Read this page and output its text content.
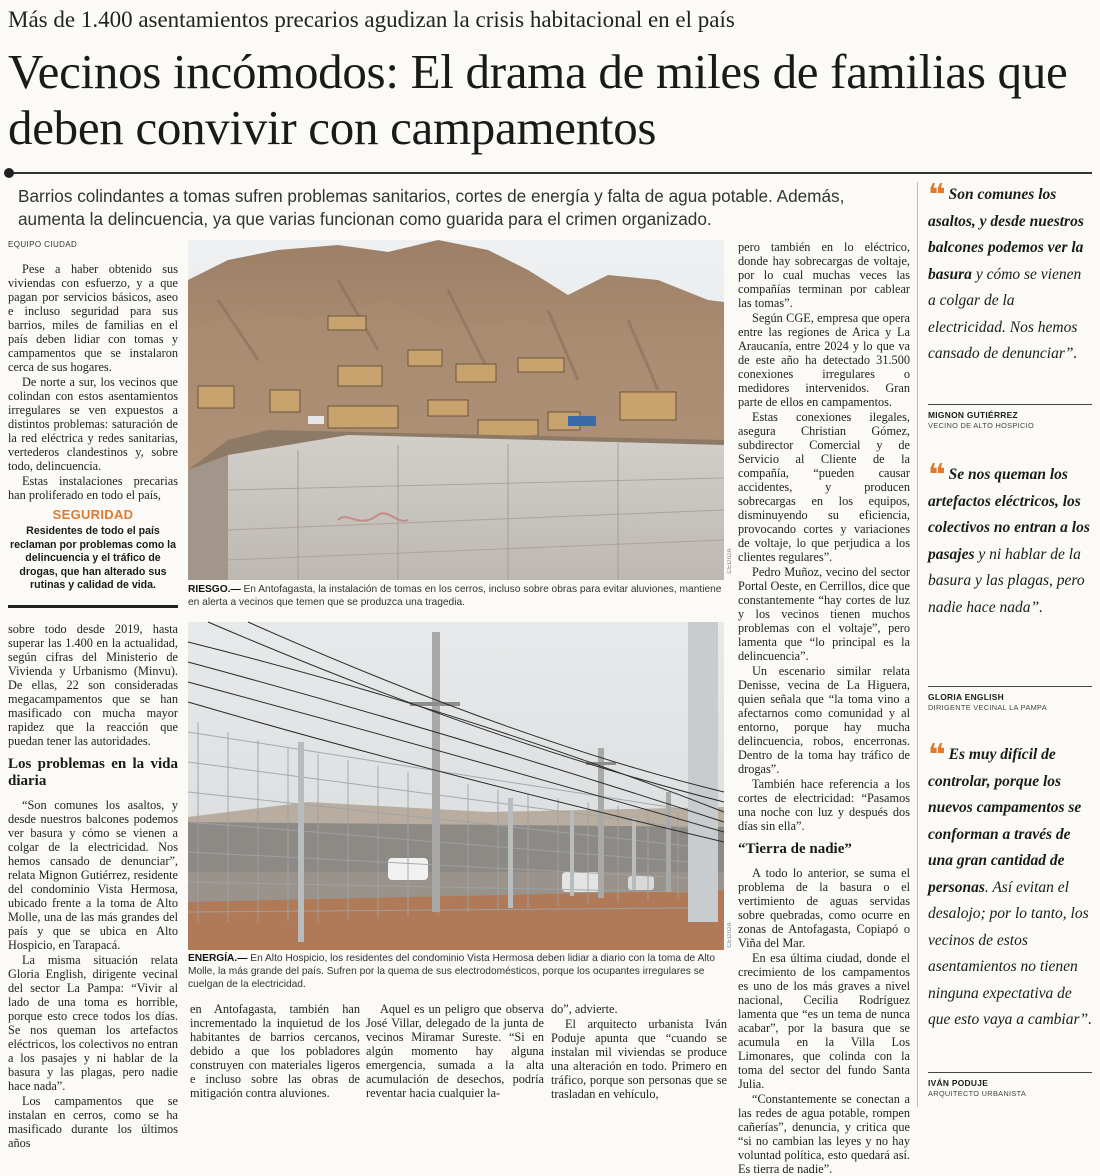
Más de 1.400 asentamientos precarios agudizan la crisis habitacional en el país
Vecinos incómodos: El drama de miles de familias que deben convivir con campamentos
Barrios colindantes a tomas sufren problemas sanitarios, cortes de energía y falta de agua potable. Además, aumenta la delincuencia, ya que varias funcionan como guarida para el crimen organizado.
EQUIPO CIUDAD

Pese a haber obtenido sus viviendas con esfuerzo, y a que pagan por servicios básicos, aseo e incluso seguridad para sus barrios, miles de familias en el país deben lidiar con tomas y campamentos que se instalaron cerca de sus hogares.

De norte a sur, los vecinos que colindan con estos asentamientos irregulares se ven expuestos a distintos problemas: saturación de la red eléctrica y redes sanitarias, vertederos clandestinos y, sobre todo, delincuencia.

Estas instalaciones precarias han proliferado en todo el país,

SEGURIDAD
Residentes de todo el país reclaman por problemas como la delincuencia y el tráfico de drogas, que han alterado sus rutinas y calidad de vida.

sobre todo desde 2019, hasta superar las 1.400 en la actualidad, según cifras del Ministerio de Vivienda y Urbanismo (Minvu). De ellas, 22 son consideradas megacampamentos que se han masificado con mucha mayor rapidez que la reacción que puedan tener las autoridades.

Los problemas en la vida diaria

“Son comunes los asaltos, y desde nuestros balcones podemos ver basura y cómo se vienen a colgar de la electricidad. Nos hemos cansado de denunciar”, relata Mignon Gutiérrez, residente del condominio Vista Hermosa, ubicado frente a la toma de Alto Molle, una de las más grandes del país y que se ubica en Alto Hospicio, en Tarapacá.

La misma situación relata Gloria English, dirigente vecinal del sector La Pampa: “Vivir al lado de una toma es horrible, porque esto crece todos los días. Se nos queman los artefactos eléctricos, los colectivos no entran a los pasajes y ni hablar de la basura y las plagas, pero nadie hace nada”.

Los campamentos que se instalan en cerros, como se ha masificado durante los últimos años

CEDIDA
RIESGO.— En Antofagasta, la instalación de tomas en los cerros, incluso sobre obras para evitar aluviones, mantiene en alerta a vecinos que temen que se produzca una tragedia.
CEDIDA
ENERGÍA.— En Alto Hospicio, los residentes del condominio Vista Hermosa deben lidiar a diario con la toma de Alto Molle, la más grande del país. Sufren por la quema de sus electrodomésticos, porque los ocupantes irregulares se cuelgan de la electricidad.

en Antofagasta, también han incrementado la inquietud de los habitantes de barrios cercanos, debido a que los pobladores construyen con materiales ligeros e incluso sobre las obras de mitigación contra aluviones.

Aquel es un peligro que observa José Villar, delegado de la junta de vecinos Miramar Sureste. “Si en algún momento hay alguna emergencia, sumada a la alta acumulación de desechos, podría reventar hacia cualquier la-

do”, advierte.

El arquitecto urbanista Iván Poduje apunta que “cuando se instalan mil viviendas se produce una alteración en todo. Primero en tráfico, porque son personas que se trasladan en vehículo,

pero también en lo eléctrico, donde hay sobrecargas de voltaje, por lo cual muchas veces las compañías terminan por cablear las tomas”.

Según CGE, empresa que opera entre las regiones de Arica y La Araucanía, entre 2024 y lo que va de este año ha detectado 31.500 conexiones irregulares o medidores intervenidos. Gran parte de ellos en campamentos.

Estas conexiones ilegales, asegura Christian Gómez, subdirector Comercial y de Servicio al Cliente de la compañía, “pueden causar accidentes, y producen sobrecargas en los equipos, disminuyendo su eficiencia, provocando cortes y variaciones de voltaje, lo que perjudica a los clientes regulares”.

Pedro Muñoz, vecino del sector Portal Oeste, en Cerrillos, dice que constantemente “hay cortes de luz y los vecinos tienen muchos problemas con el voltaje”, pero lamenta que “lo principal es la delincuencia”.

Un escenario similar relata Denisse, vecina de La Higuera, quien señala que “la toma vino a afectarnos como comunidad y al entorno, porque hay mucha delincuencia, robos, encerronas. Dentro de la toma hay tráfico de drogas”.

También hace referencia a los cortes de electricidad: “Pasamos una noche con luz y después dos días sin ella”.

“Tierra de nadie”

A todo lo anterior, se suma el problema de la basura o el vertimiento de aguas servidas sobre quebradas, como ocurre en zonas de Antofagasta, Copiapó o Viña del Mar.

En esa última ciudad, donde el crecimiento de los campamentos es uno de los más graves a nivel nacional, Cecilia Rodríguez lamenta que “es un tema de nunca acabar”, por la basura que se acumula en la Villa Los Limonares, que colinda con la toma del sector del fundo Santa Julia.

“Constantemente se conectan a las redes de agua potable, rompen cañerías”, denuncia, y critica que “si no cambian las leyes y no hay voluntad política, esto quedará así. Es tierra de nadie”.

❝ Son comunes los asaltos, y desde nuestros balcones podemos ver la basura y cómo se vienen a colgar de la electricidad. Nos hemos cansado de denunciar”.
MIGNON GUTIÉRREZ
VECINO DE ALTO HOSPICIO
❝ Se nos queman los artefactos eléctricos, los colectivos no entran a los pasajes y ni hablar de la basura y las plagas, pero nadie hace nada”.
GLORIA ENGLISH
DIRIGENTE VECINAL LA PAMPA
❝ Es muy difícil de controlar, porque los nuevos campamentos se conforman a través de una gran cantidad de personas. Así evitan el desalojo; por lo tanto, los vecinos de estos asentamientos no tienen ninguna expectativa de que esto vaya a cambiar”.
IVÁN PODUJE
ARQUITECTO URBANISTA
